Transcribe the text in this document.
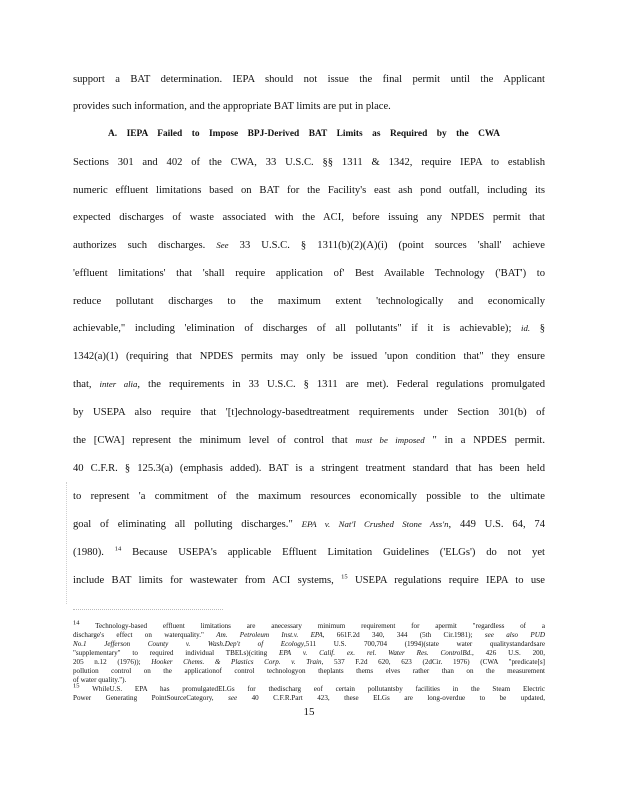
support a BAT determination. IEPA should not issue the final permit until the Applicant
provides such information, and the appropriate BAT limits are put in place.
A. IEPA Failed to Impose BPJ-Derived BAT Limits as Required by the CWA
Sections 301 and 402 of the CWA, 33 U.S.C. §§ 1311 & 1342, require IEPA to establish
numeric effluent limitations based on BAT for the Facility's east ash pond outfall, including its
expected discharges of waste associated with the ACI, before issuing any NPDES permit that
authorizes such discharges. See 33 U.S.C. § 1311(b)(2)(A)(i) (point sources 'shall' achieve
'effluent limitations' that 'shall require application of' Best Available Technology ('BAT') to
reduce pollutant discharges to the maximum extent 'technologically and economically
achievable," including 'elimination of discharges of all pollutants" if it is achievable); id. §
1342(a)(1) (requiring that NPDES permits may only be issued 'upon condition that" they ensure
that, inter alia, the requirements in 33 U.S.C. § 1311 are met). Federal regulations promulgated
by USEPA also require that '[t]echnology-basedtreatment requirements under Section 301(b) of
the [CWA] represent the minimum level of control that must be imposed " in a NPDES permit.
40 C.F.R. § 125.3(a) (emphasis added). BAT is a stringent treatment standard that has been held
to represent 'a commitment of the maximum resources economically possible to the ultimate
goal of eliminating all polluting discharges." EPA v. Nat'l Crushed Stone Ass'n, 449 U.S. 64, 74
(1980). $^{14}$ Because USEPA's applicable Effluent Limitation Guidelines ('ELGs') do not yet
include BAT limits for wastewater from ACI systems, $^{15}$ USEPA regulations require IEPA to use
14 Technology-based effluent limitations are anecessary minimum requirement for apermit "regardless of a
discharge's effect on waterquality." Am. Petroleum Inst.v. EPA, 661F.2d 340, 344 (5th Cir.1981); see also PUD
No.1 Jefferson County v. Wash.Dep't of Ecology,511 U.S. 700,704 (1994)(state water qualitystandardsare
"supplementary" to required individual TBELs)(citing EPA v. Calif. ex. rel. Water Res. ControlBd., 426 U.S. 200,
205 n.12 (1976)); Hooker Chems. & Plastics Corp. v. Train, 537 F.2d 620, 623 (2dCir. 1976) (CWA "predicate[s]
pollution control on the applicationof control technologyon theplants thems elves rather than on the measurement
of water quality.").
15 WhileU.S. EPA has promulgatedELGs for thedischarg eof certain pollutantsby facilities in the Steam Electric
Power Generating PointSourceCategory, see 40 C.F.R.Part 423, these ELGs are long-overdue to be updated,
15
